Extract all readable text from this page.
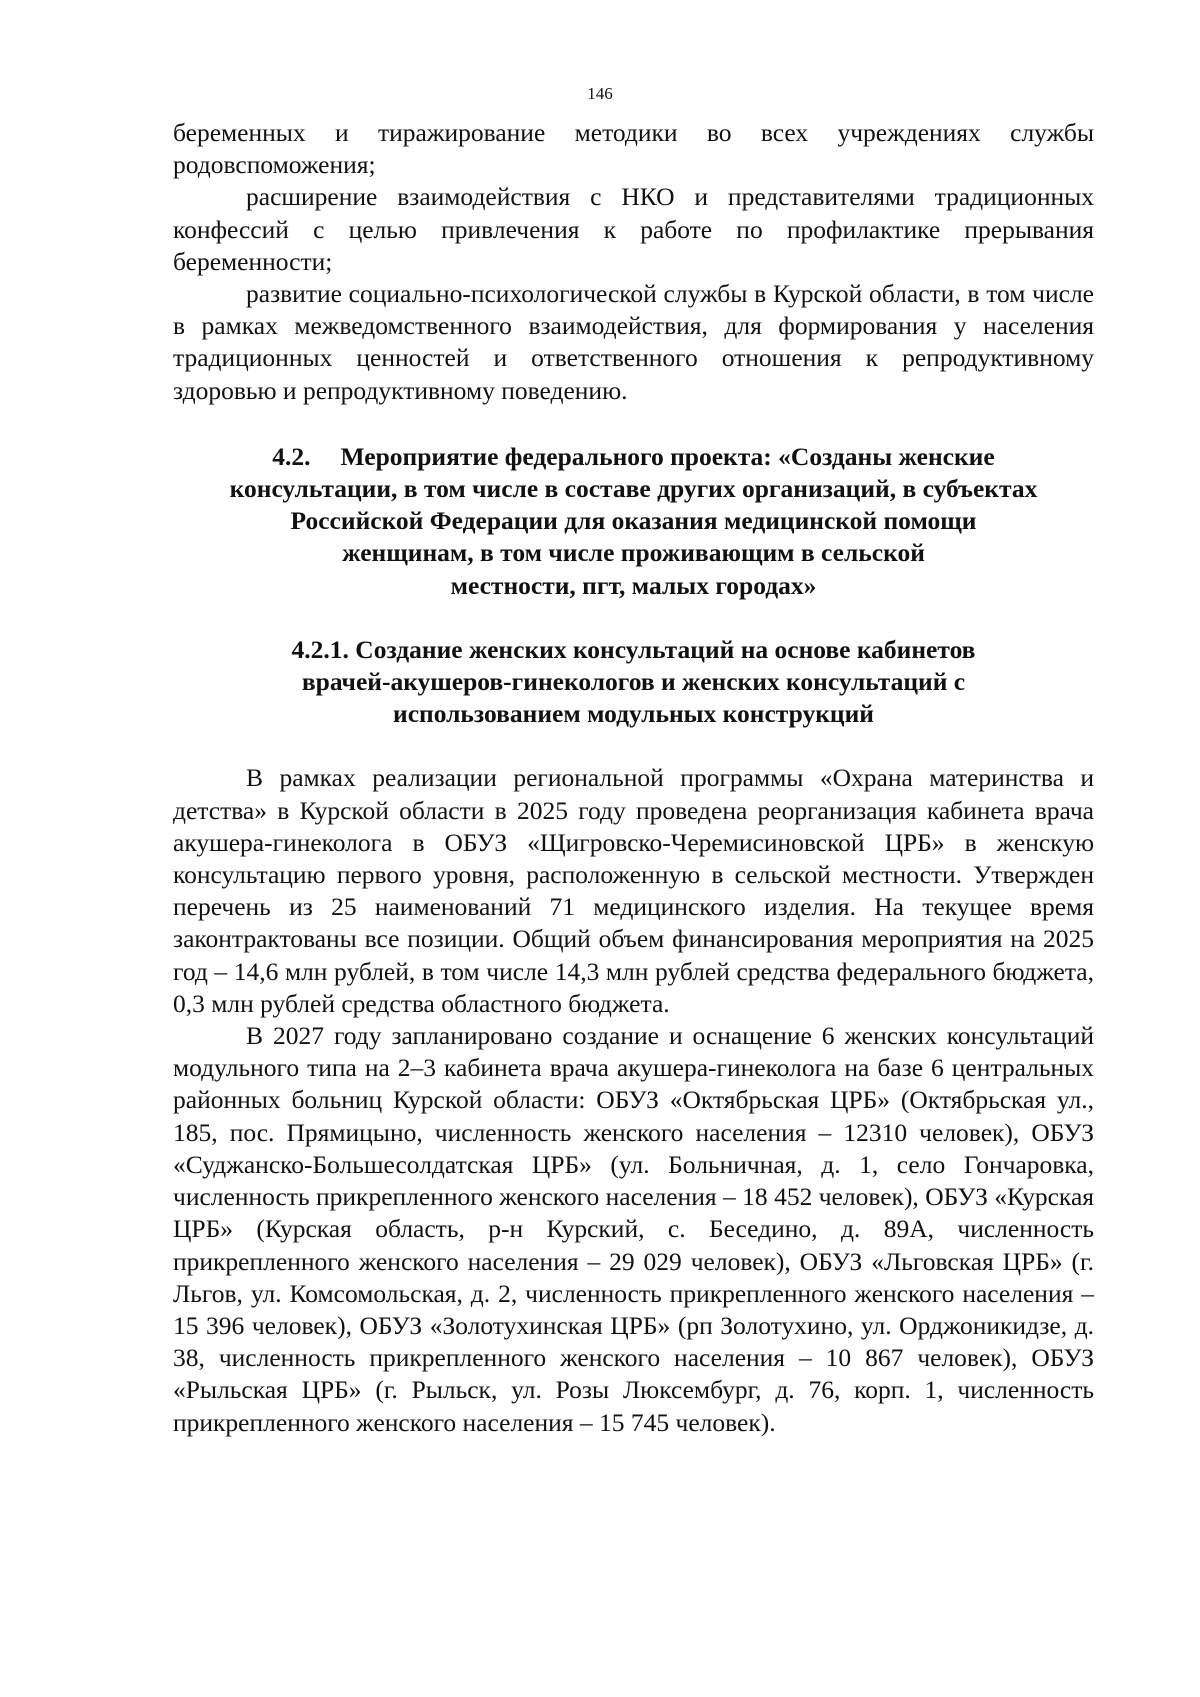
146

беременных и тиражирование методики во всех учреждениях службы родовспоможения;

расширение взаимодействия с НКО и представителями традиционных конфессий с целью привлечения к работе по профилактике прерывания беременности;

развитие социально-психологической службы в Курской области, в том числе в рамках межведомственного взаимодействия, для формирования у населения традиционных ценностей и ответственного отношения к репродуктивному здоровью и репродуктивному поведению.

4.2. Мероприятие федерального проекта: «Созданы женские
консультации, в том числе в составе других организаций, в субъектах
Российской Федерации для оказания медицинской помощи
женщинам, в том числе проживающим в сельской
местности, пгт, малых городах»
4.2.1. Создание женских консультаций на основе кабинетов
врачей-акушеров-гинекологов и женских консультаций с
использованием модульных конструкций

В рамках реализации региональной программы «Охрана материнства и детства» в Курской области в 2025 году проведена реорганизация кабинета врача акушера-гинеколога в ОБУЗ «Щигровско-Черемисиновской ЦРБ» в женскую консультацию первого уровня, расположенную в сельской местности. Утвержден перечень из 25 наименований 71 медицинского изделия. На текущее время законтрактованы все позиции. Общий объем финансирования мероприятия на 2025 год – 14,6 млн рублей, в том числе 14,3 млн рублей средства федерального бюджета, 0,3 млн рублей средства областного бюджета.

В 2027 году запланировано создание и оснащение 6 женских консультаций модульного типа на 2–3 кабинета врача акушера-гинеколога на базе 6 центральных районных больниц Курской области: ОБУЗ «Октябрьская ЦРБ» (Октябрьская ул., 185, пос. Прямицыно, численность женского населения – 12310 человек), ОБУЗ «Суджанско-Большесолдатская ЦРБ» (ул. Больничная, д. 1, село Гончаровка, численность прикрепленного женского населения – 18 452 человек), ОБУЗ «Курская ЦРБ» (Курская область, р-н Курский, с. Беседино, д. 89А, численность прикрепленного женского населения – 29 029 человек), ОБУЗ «Льговская ЦРБ» (г. Льгов, ул. Комсомольская, д. 2, численность прикрепленного женского населения – 15 396 человек), ОБУЗ «Золотухинская ЦРБ» (рп Золотухино, ул. Орджоникидзе, д. 38, численность прикрепленного женского населения – 10 867 человек), ОБУЗ «Рыльская ЦРБ» (г. Рыльск, ул. Розы Люксембург, д. 76, корп. 1, численность прикрепленного женского населения – 15 745 человек).
